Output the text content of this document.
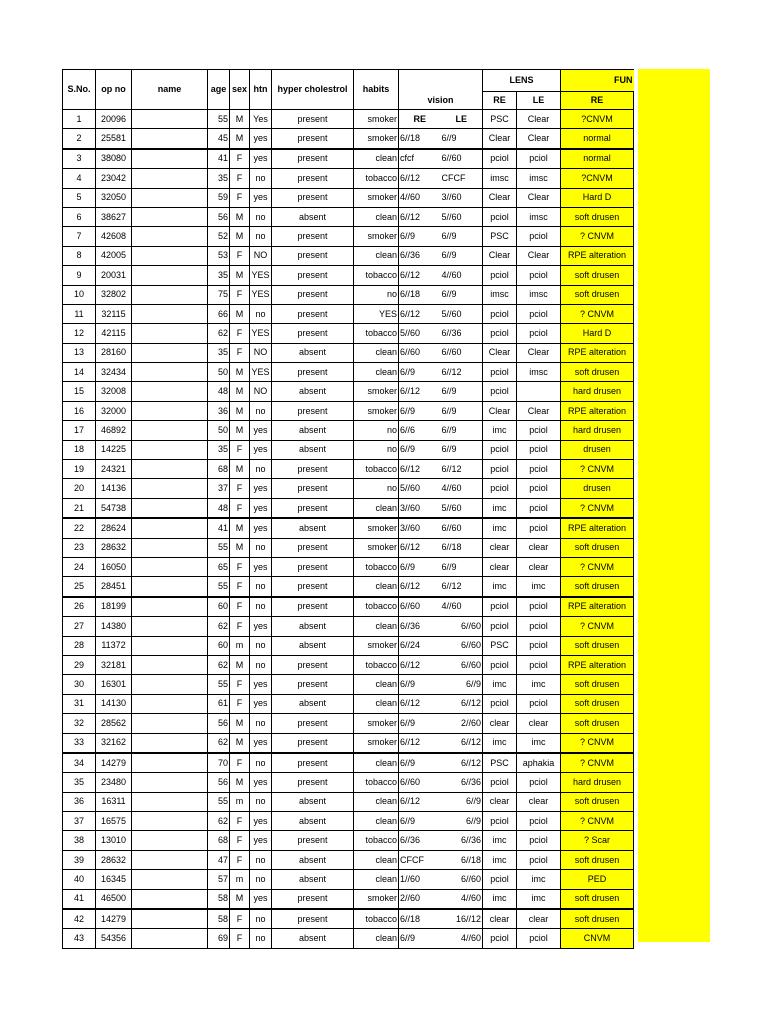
S.No.	op no	name	age	sex	htn	hyper cholestrol	habits	vision		LENS		FUN
										RE	LE	RE
1	20096		55	M	Yes	present	smoker	RE	LE	PSC	Clear	?CNVM
2	25581		45	M	yes	present	smoker	6//18	6//9	Clear	Clear	normal
3	38080		41	F	yes	present	clean	cfcf	6//60	pciol	pciol	normal
4	23042		35	F	no	present	tobacco	6//12	CFCF	imsc	imsc	?CNVM
5	32050		59	F	yes	present	smoker	4//60	3//60	Clear	Clear	Hard D
6	38627		56	M	no	absent	clean	6//12	5//60	pciol	imsc	soft drusen
7	42608		52	M	no	present	smoker	6//9	6//9	PSC	pciol	? CNVM
8	42005		53	F	NO	present	clean	6//36	6//9	Clear	Clear	RPE alteration
9	20031		35	M	YES	present	tobacco	6//12	4//60	pciol	pciol	soft drusen
10	32802		75	F	YES	present	no	6//18	6//9	imsc	imsc	soft drusen
11	32115		66	M	no	present	YES	6//12	5//60	pciol	pciol	? CNVM
12	42115		62	F	YES	present	tobacco	5//60	6//36	pciol	pciol	Hard D
13	28160		35	F	NO	absent	clean	6//60	6//60	Clear	Clear	RPE alteration
14	32434		50	M	YES	present	clean	6//9	6//12	pciol	imsc	soft drusen
15	32008		48	M	NO	absent	smoker	6//12	6//9	pciol		hard drusen
16	32000		36	M	no	present	smoker	6//9	6//9	Clear	Clear	RPE alteration
17	46892		50	M	yes	absent	no	6//6	6//9	imc	pciol	hard drusen
18	14225		35	F	yes	absent	no	6//9	6//9	pciol	pciol	drusen
19	24321		68	M	no	present	tobacco	6//12	6//12	pciol	pciol	? CNVM
20	14136		37	F	yes	present	no	5//60	4//60	pciol	pciol	drusen
21	54738		48	F	yes	present	clean	3//60	5//60	imc	pciol	? CNVM
22	28624		41	M	yes	absent	smoker	3//60	6//60	imc	pciol	RPE alteration
23	28632		55	M	no	present	smoker	6//12	6//18	clear	clear	soft drusen
24	16050		65	F	yes	present	tobacco	6//9	6//9	clear	clear	? CNVM
25	28451		55	F	no	present	clean	6//12	6//12	imc	imc	soft drusen
26	18199		60	F	no	present	tobacco	6//60	4//60	pciol	pciol	RPE alteration
27	14380		62	F	yes	absent	clean	6//36	6//60	pciol	pciol	? CNVM
28	11372		60	m	no	absent	smoker	6//24	6//60	PSC	pciol	soft drusen
29	32181		62	M	no	present	tobacco	6//12	6//60	pciol	pciol	RPE alteration
30	16301		55	F	yes	present	clean	6//9	6//9	imc	imc	soft drusen
31	14130		61	F	yes	absent	clean	6//12	6//12	pciol	pciol	soft drusen
32	28562		56	M	no	present	smoker	6//9	2//60	clear	clear	soft drusen
33	32162		62	M	yes	present	smoker	6//12	6//12	imc	imc	? CNVM
34	14279		70	F	no	present	clean	6//9	6//12	PSC	aphakia	? CNVM
35	23480		56	M	yes	present	tobacco	6//60	6//36	pciol	pciol	hard drusen
36	16311		55	m	no	absent	clean	6//12	6//9	clear	clear	soft drusen
37	16575		62	F	yes	absent	clean	6//9	6//9	pciol	pciol	? CNVM
38	13010		68	F	yes	present	tobacco	6//36	6//36	imc	pciol	? Scar
39	28632		47	F	no	absent	clean	CFCF	6//18	imc	pciol	soft drusen
40	16345		57	m	no	absent	clean	1//60	6//60	pciol	imc	PED
41	46500		58	M	yes	present	smoker	2//60	4//60	imc	imc	soft drusen
42	14279		58	F	no	present	tobacco	6//18	16//12	clear	clear	soft drusen
43	54356		69	F	no	absent	clean	6//9	4//60	pciol	pciol	CNVM
